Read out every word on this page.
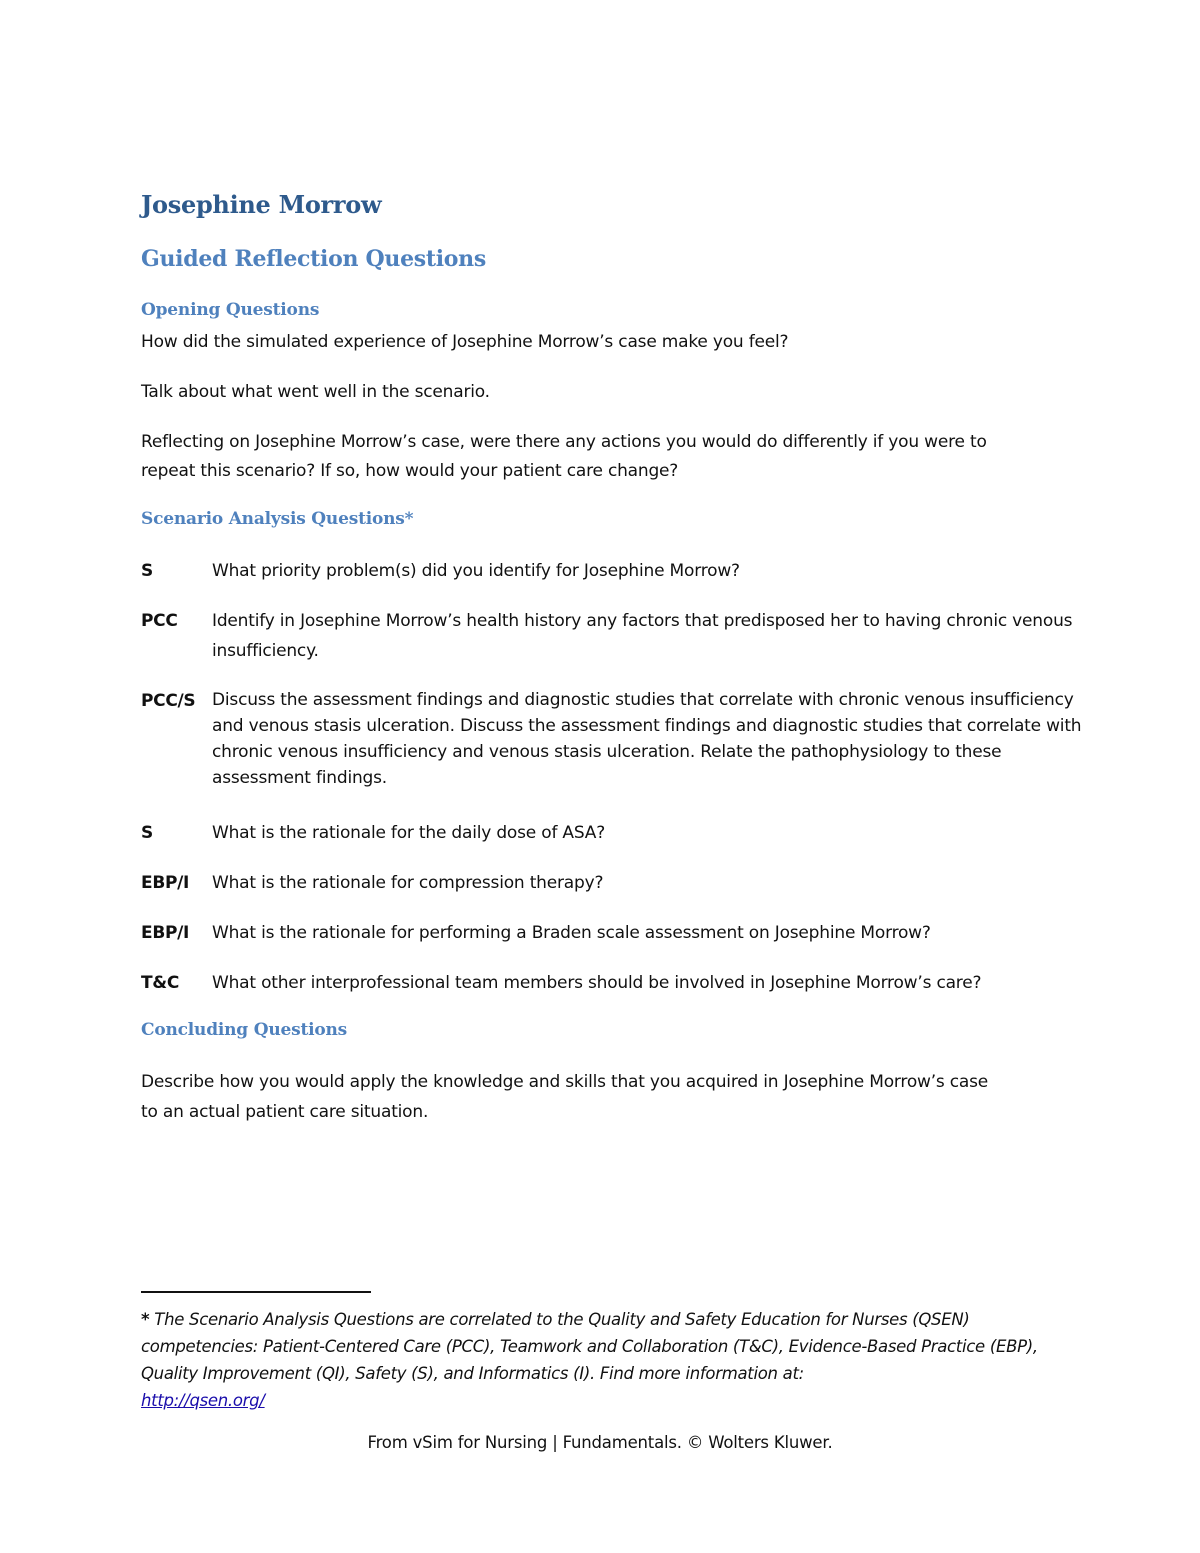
Josephine Morrow
Guided Reflection Questions
Opening Questions

How did the simulated experience of Josephine Morrow’s case make you feel?

Talk about what went well in the scenario.

Reflecting on Josephine Morrow’s case, were there any actions you would do differently if you were to

repeat this scenario? If so, how would your patient care change?

Scenario Analysis Questions*
S	What priority problem(s) did you identify for Josephine Morrow?

PCC Identify in Josephine Morrow’s health history any factors that predisposed her to having chronic venous insufficiency.

PCC/S Discuss the assessment findings and diagnostic studies that correlate with chronic venous insufficiency and venous stasis ulceration. Discuss the assessment findings and diagnostic studies that correlate with chronic venous insufficiency and venous stasis ulceration. Relate the pathophysiology to these assessment findings.

S	What is the rationale for the daily dose of ASA?

EBP/I What is the rationale for compression therapy?

EBP/I What is the rationale for performing a Braden scale assessment on Josephine Morrow?

T&C What other interprofessional team members should be involved in Josephine Morrow’s care?

Concluding Questions

Describe how you would apply the knowledge and skills that you acquired in Josephine Morrow’s case

to an actual patient care situation.

* The Scenario Analysis Questions are correlated to the Quality and Safety Education for Nurses (QSEN) competencies: Patient-Centered Care (PCC), Teamwork and Collaboration (T&C), Evidence-Based Practice (EBP), Quality Improvement (QI), Safety (S), and Informatics (I). Find more information at:
http://qsen.org/

From vSim for Nursing | Fundamentals. © Wolters Kluwer.
